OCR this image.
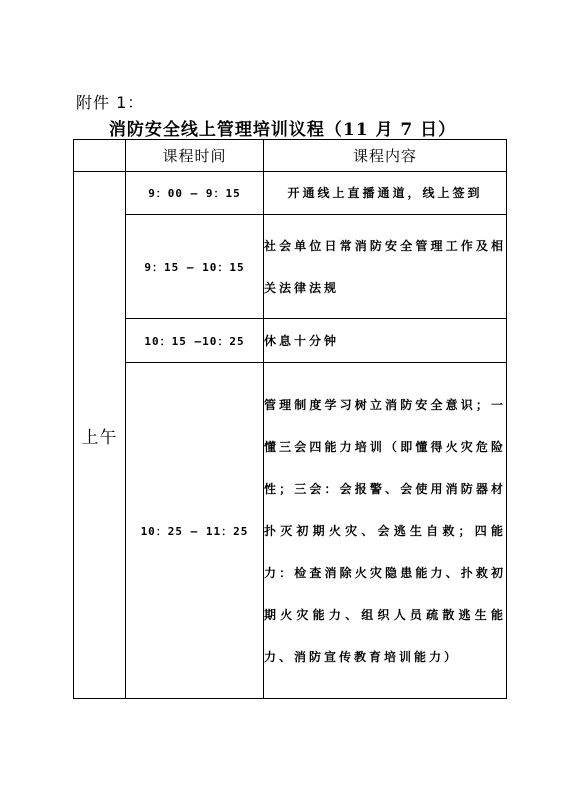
附件 1：
消防安全线上管理培训议程（11 月 7 日）
	课程时间	课程内容
上午	9：00 – 9：15	开通线上直播通道，线上签到
	9：15 – 10：15	社会单位日常消防安全管理工作及相关法律法规
	10：15 –10：25	休息十分钟
	10：25 – 11：25	管理制度学习树立消防安全意识；一懂三会四能力培训（即懂得火灾危险性；三会：会报警、会使用消防器材扑灭初期火灾、会逃生自救；四能力：检查消除火灾隐患能力、扑救初期火灾能力、组织人员疏散逃生能力、消防宣传教育培训能力）
